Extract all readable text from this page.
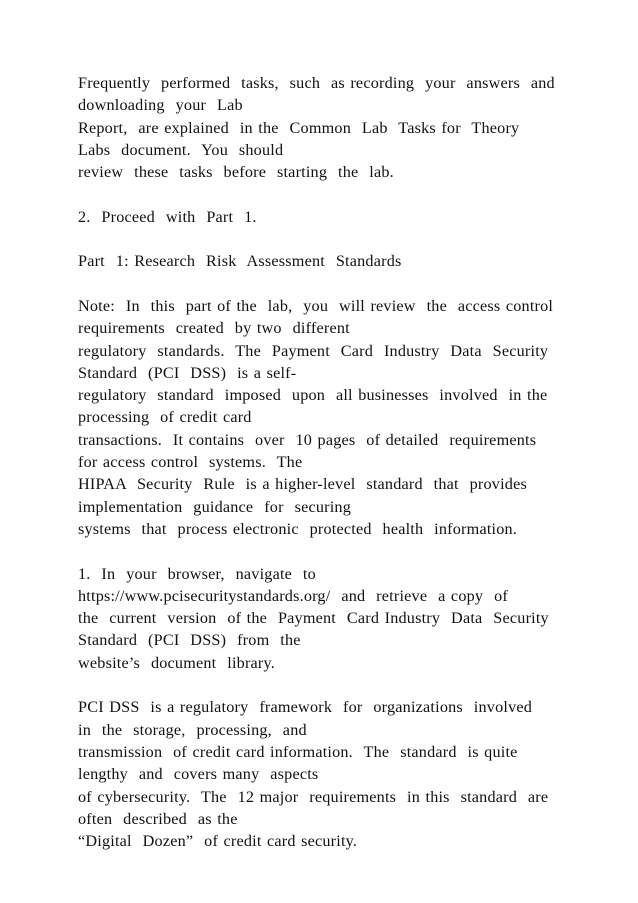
Frequently  performed  tasks,  such  as recording  your  answers  and
downloading  your  Lab
Report,  are explained  in the  Common  Lab  Tasks for  Theory
Labs  document.  You  should
review  these  tasks  before  starting  the  lab.
2.  Proceed  with  Part  1.
Part  1: Research  Risk  Assessment  Standards
Note:  In  this  part of the  lab,  you  will review  the  access control
requirements  created  by two  different
regulatory  standards.  The  Payment  Card  Industry  Data  Security
Standard  (PCI  DSS)  is a self-
regulatory  standard  imposed  upon  all businesses  involved  in the
processing  of credit card
transactions.  It contains  over  10 pages  of detailed  requirements
for access control  systems.  The
HIPAA  Security  Rule  is a higher-level  standard  that  provides
implementation  guidance  for  securing
systems  that  process electronic  protected  health  information.
1.  In  your  browser,  navigate  to
https://www.pcisecuritystandards.org/  and  retrieve  a copy  of
the  current  version  of the  Payment  Card Industry  Data  Security
Standard  (PCI  DSS)  from  the
website’s  document  library.
PCI DSS  is a regulatory  framework  for  organizations  involved
in  the  storage,  processing,  and
transmission  of credit card information.  The  standard  is quite
lengthy  and  covers many  aspects
of cybersecurity.  The  12 major  requirements  in this  standard  are
often  described  as the
“Digital  Dozen”  of credit card security.
